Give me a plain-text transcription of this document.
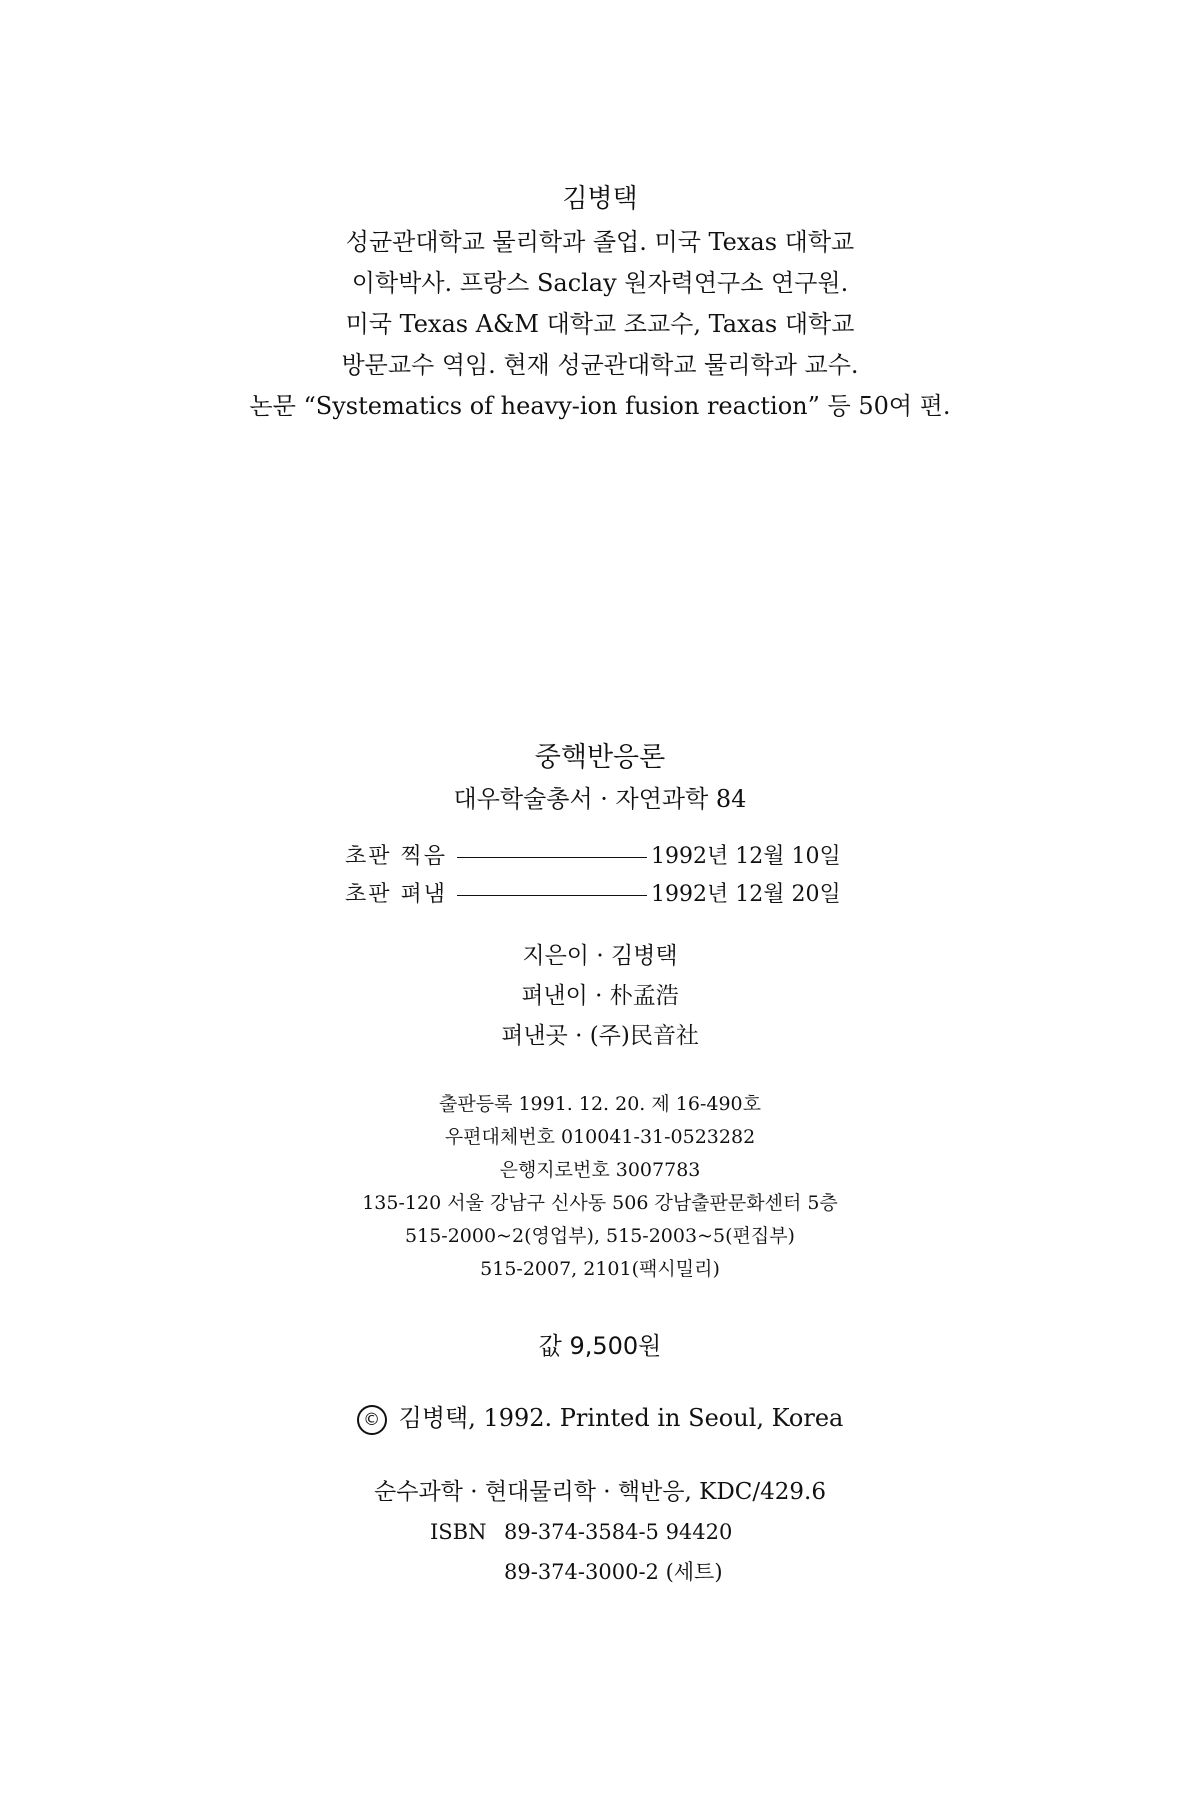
김병택
성균관대학교 물리학과 졸업. 미국 Texas 대학교
이학박사. 프랑스 Saclay 원자력연구소 연구원.
미국 Texas A&M 대학교 조교수, Taxas 대학교
방문교수 역임. 현재 성균관대학교 물리학과 교수.
논문 “Systematics of heavy-ion fusion reaction” 등 50여 편.
중핵반응론
대우학술총서 · 자연과학 84
초판 찍음	1992년 12월 10일
초판 펴냄	1992년 12월 20일
지은이 · 김병택
펴낸이 · 朴孟浩
펴낸곳 · (주)民音社
출판등록 1991. 12. 20. 제 16-490호
우편대체번호 010041-31-0523282
은행지로번호 3007783
135-120 서울 강남구 신사동 506 강남출판문화센터 5층
515-2000~2(영업부), 515-2003~5(편집부)
515-2007, 2101(팩시밀리)
값 9,500원
© 김병택, 1992. Printed in Seoul, Korea
순수과학 · 현대물리학 · 핵반응, KDC/429.6
ISBN 89-374-3584-5 94420
89-374-3000-2 (세트)
